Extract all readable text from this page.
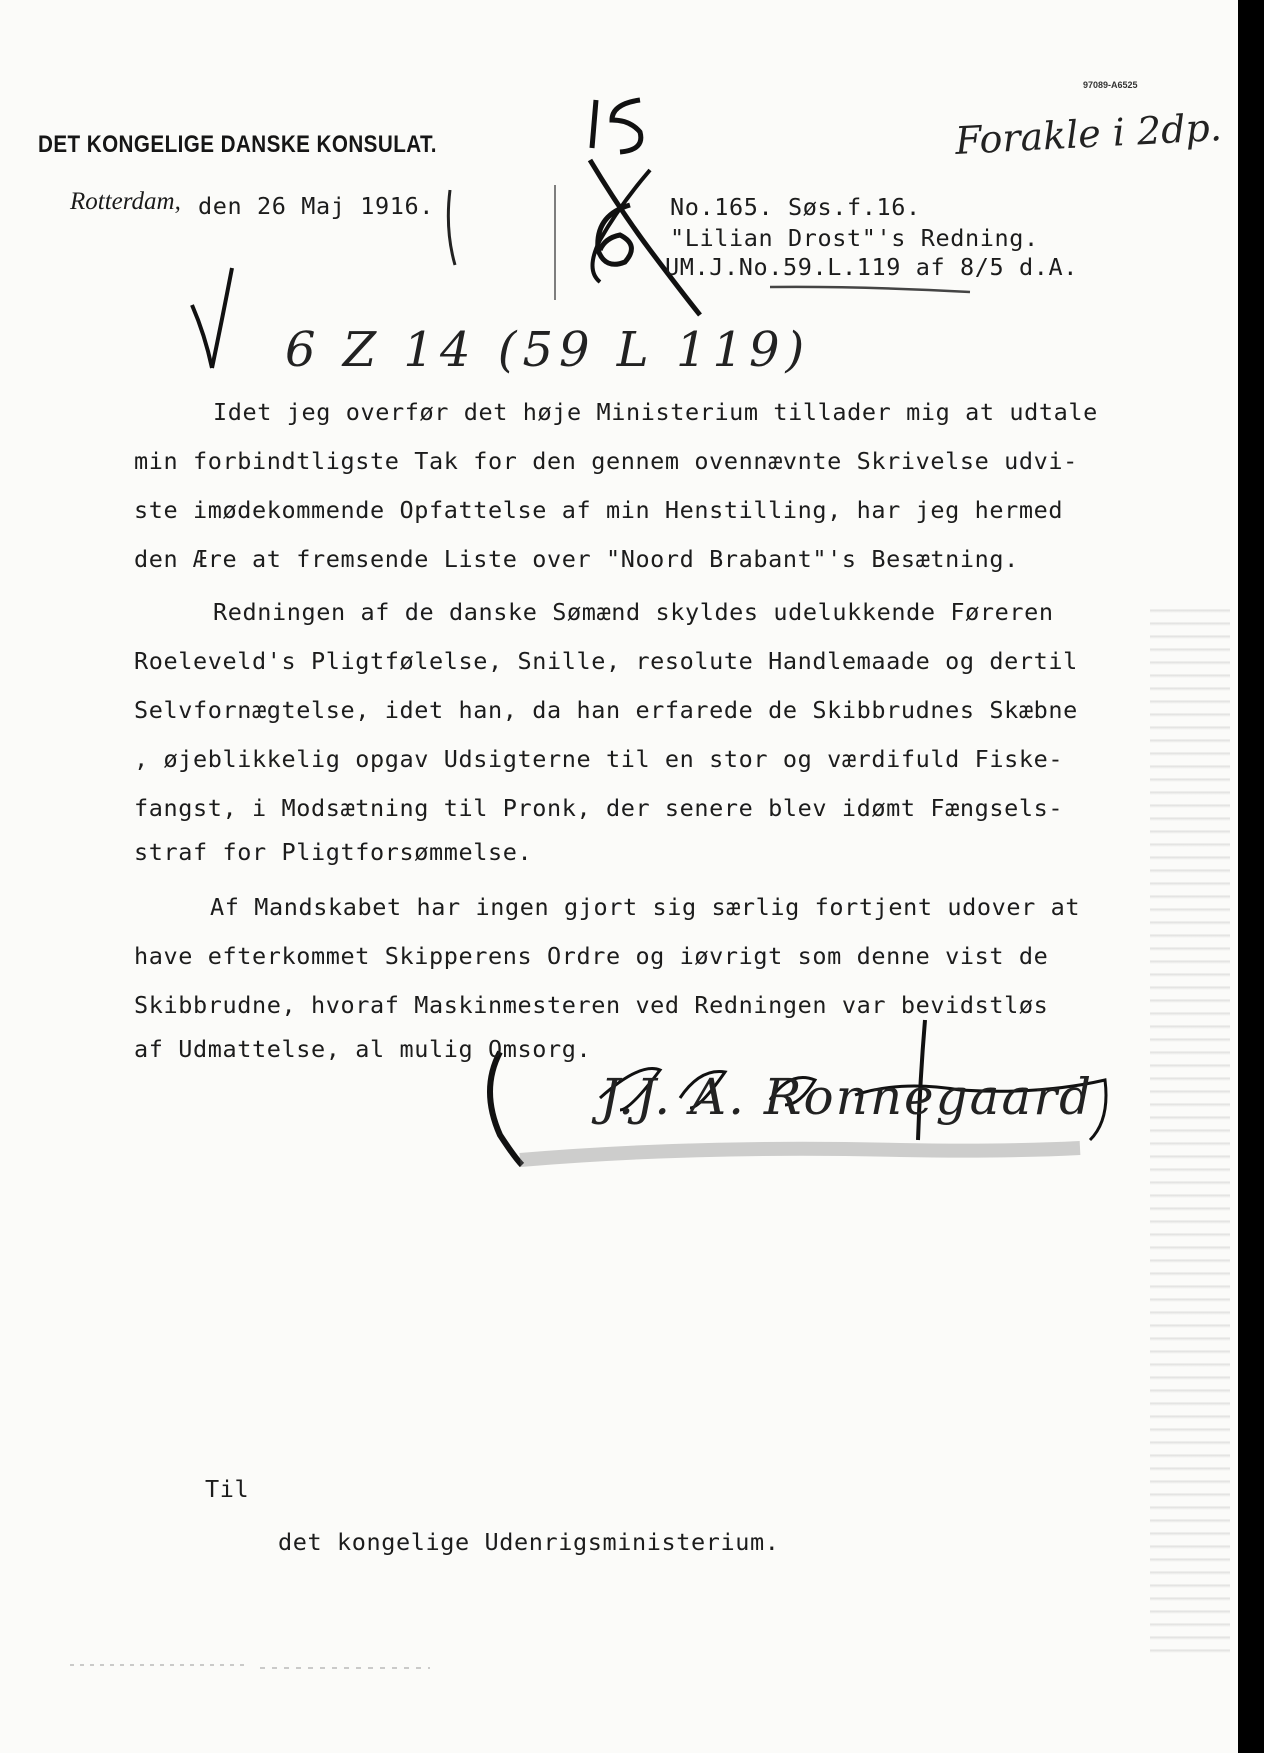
97089-A6525
Forakle i 2dp.
DET KONGELIGE DANSKE KONSULAT.
Rotterdam, den 26 Maj 1916.	No.165. Søs.f.16.
"Lilian Drost"'s Redning.
UM.J.No.59.L.119 af 8/5 d.A.
6 Z 14 (59 L 119)
Idet jeg overfør det høje Ministerium tillader mig at udtale
min forbindtligste Tak for den gennem ovennævnte Skrivelse udvi-
ste imødekommende Opfattelse af min Henstilling, har jeg hermed
den Ære at fremsende Liste over "Noord Brabant"'s Besætning.
Redningen af de danske Sømænd skyldes udelukkende Føreren
Roeleveld's Pligtfølelse, Snille, resolute Handlemaade og dertil
Selvfornægtelse, idet han, da han erfarede de Skibbrudnes Skæbne
, øjeblikkelig opgav Udsigterne til en stor og værdifuld Fiske-
fangst, i Modsætning til Pronk, der senere blev idømt Fængsels-
straf for Pligtforsømmelse.
Af Mandskabet har ingen gjort sig særlig fortjent udover at
have efterkommet Skipperens Ordre og iøvrigt som denne vist de
Skibbrudne, hvoraf Maskinmesteren ved Redningen var bevidstløs
af Udmattelse, al mulig Omsorg.
J.J. A. Ronnegaard
Til
det kongelige Udenrigsministerium.
